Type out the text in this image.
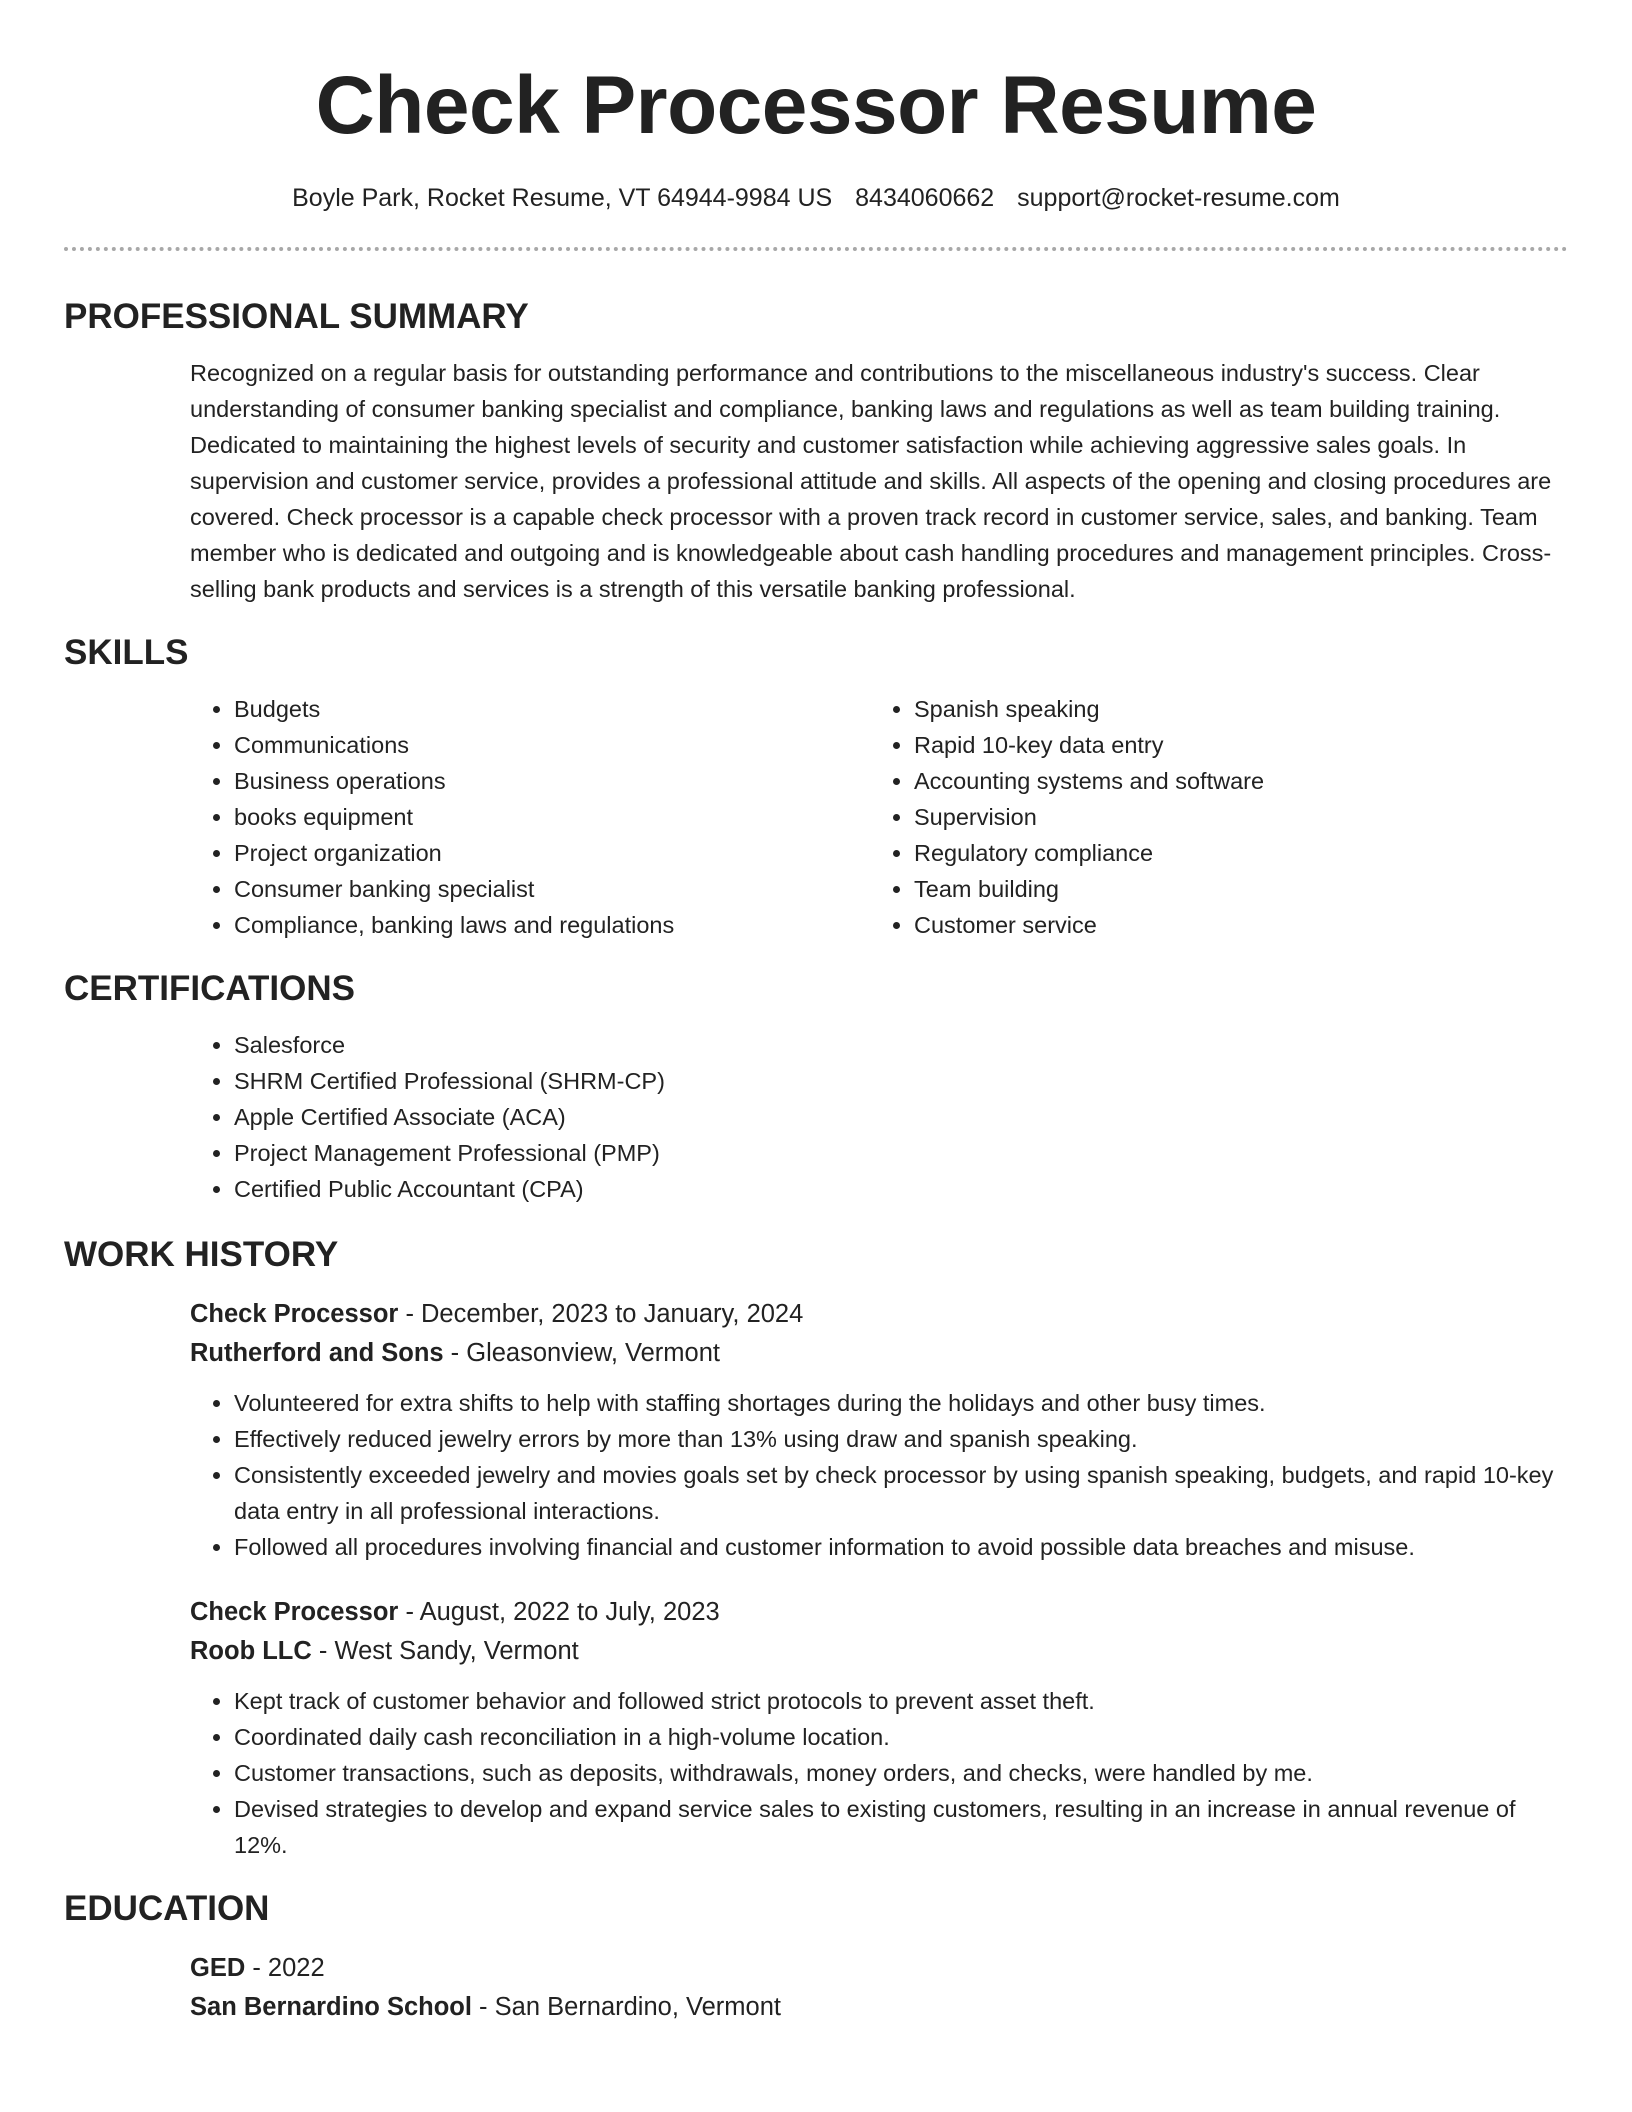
Check Processor Resume
Boyle Park, Rocket Resume, VT 64944-9984 US 8434060662 support@rocket-resume.com
PROFESSIONAL SUMMARY

Recognized on a regular basis for outstanding performance and contributions to the miscellaneous industry's success. Clear understanding of consumer banking specialist and compliance, banking laws and regulations as well as team building training. Dedicated to maintaining the highest levels of security and customer satisfaction while achieving aggressive sales goals. In supervision and customer service, provides a professional attitude and skills. All aspects of the opening and closing procedures are covered. Check processor is a capable check processor with a proven track record in customer service, sales, and banking. Team member who is dedicated and outgoing and is knowledgeable about cash handling procedures and management principles. Cross-selling bank products and services is a strength of this versatile banking professional.

SKILLS
• Budgets
• Communications
• Business operations
• books equipment
• Project organization
• Consumer banking specialist
• Compliance, banking laws and regulations
• Spanish speaking
• Rapid 10-key data entry
• Accounting systems and software
• Supervision
• Regulatory compliance
• Team building
• Customer service
CERTIFICATIONS
• Salesforce
• SHRM Certified Professional (SHRM-CP)
• Apple Certified Associate (ACA)
• Project Management Professional (PMP)
• Certified Public Accountant (CPA)
WORK HISTORY
Check Processor - December, 2023 to January, 2024
Rutherford and Sons - Gleasonview, Vermont
• Volunteered for extra shifts to help with staffing shortages during the holidays and other busy times.
• Effectively reduced jewelry errors by more than 13% using draw and spanish speaking.
• Consistently exceeded jewelry and movies goals set by check processor by using spanish speaking, budgets, and rapid 10-key data entry in all professional interactions.
• Followed all procedures involving financial and customer information to avoid possible data breaches and misuse.
Check Processor - August, 2022 to July, 2023
Roob LLC - West Sandy, Vermont
• Kept track of customer behavior and followed strict protocols to prevent asset theft.
• Coordinated daily cash reconciliation in a high-volume location.
• Customer transactions, such as deposits, withdrawals, money orders, and checks, were handled by me.
• Devised strategies to develop and expand service sales to existing customers, resulting in an increase in annual revenue of 12%.
EDUCATION
GED - 2022
San Bernardino School - San Bernardino, Vermont
